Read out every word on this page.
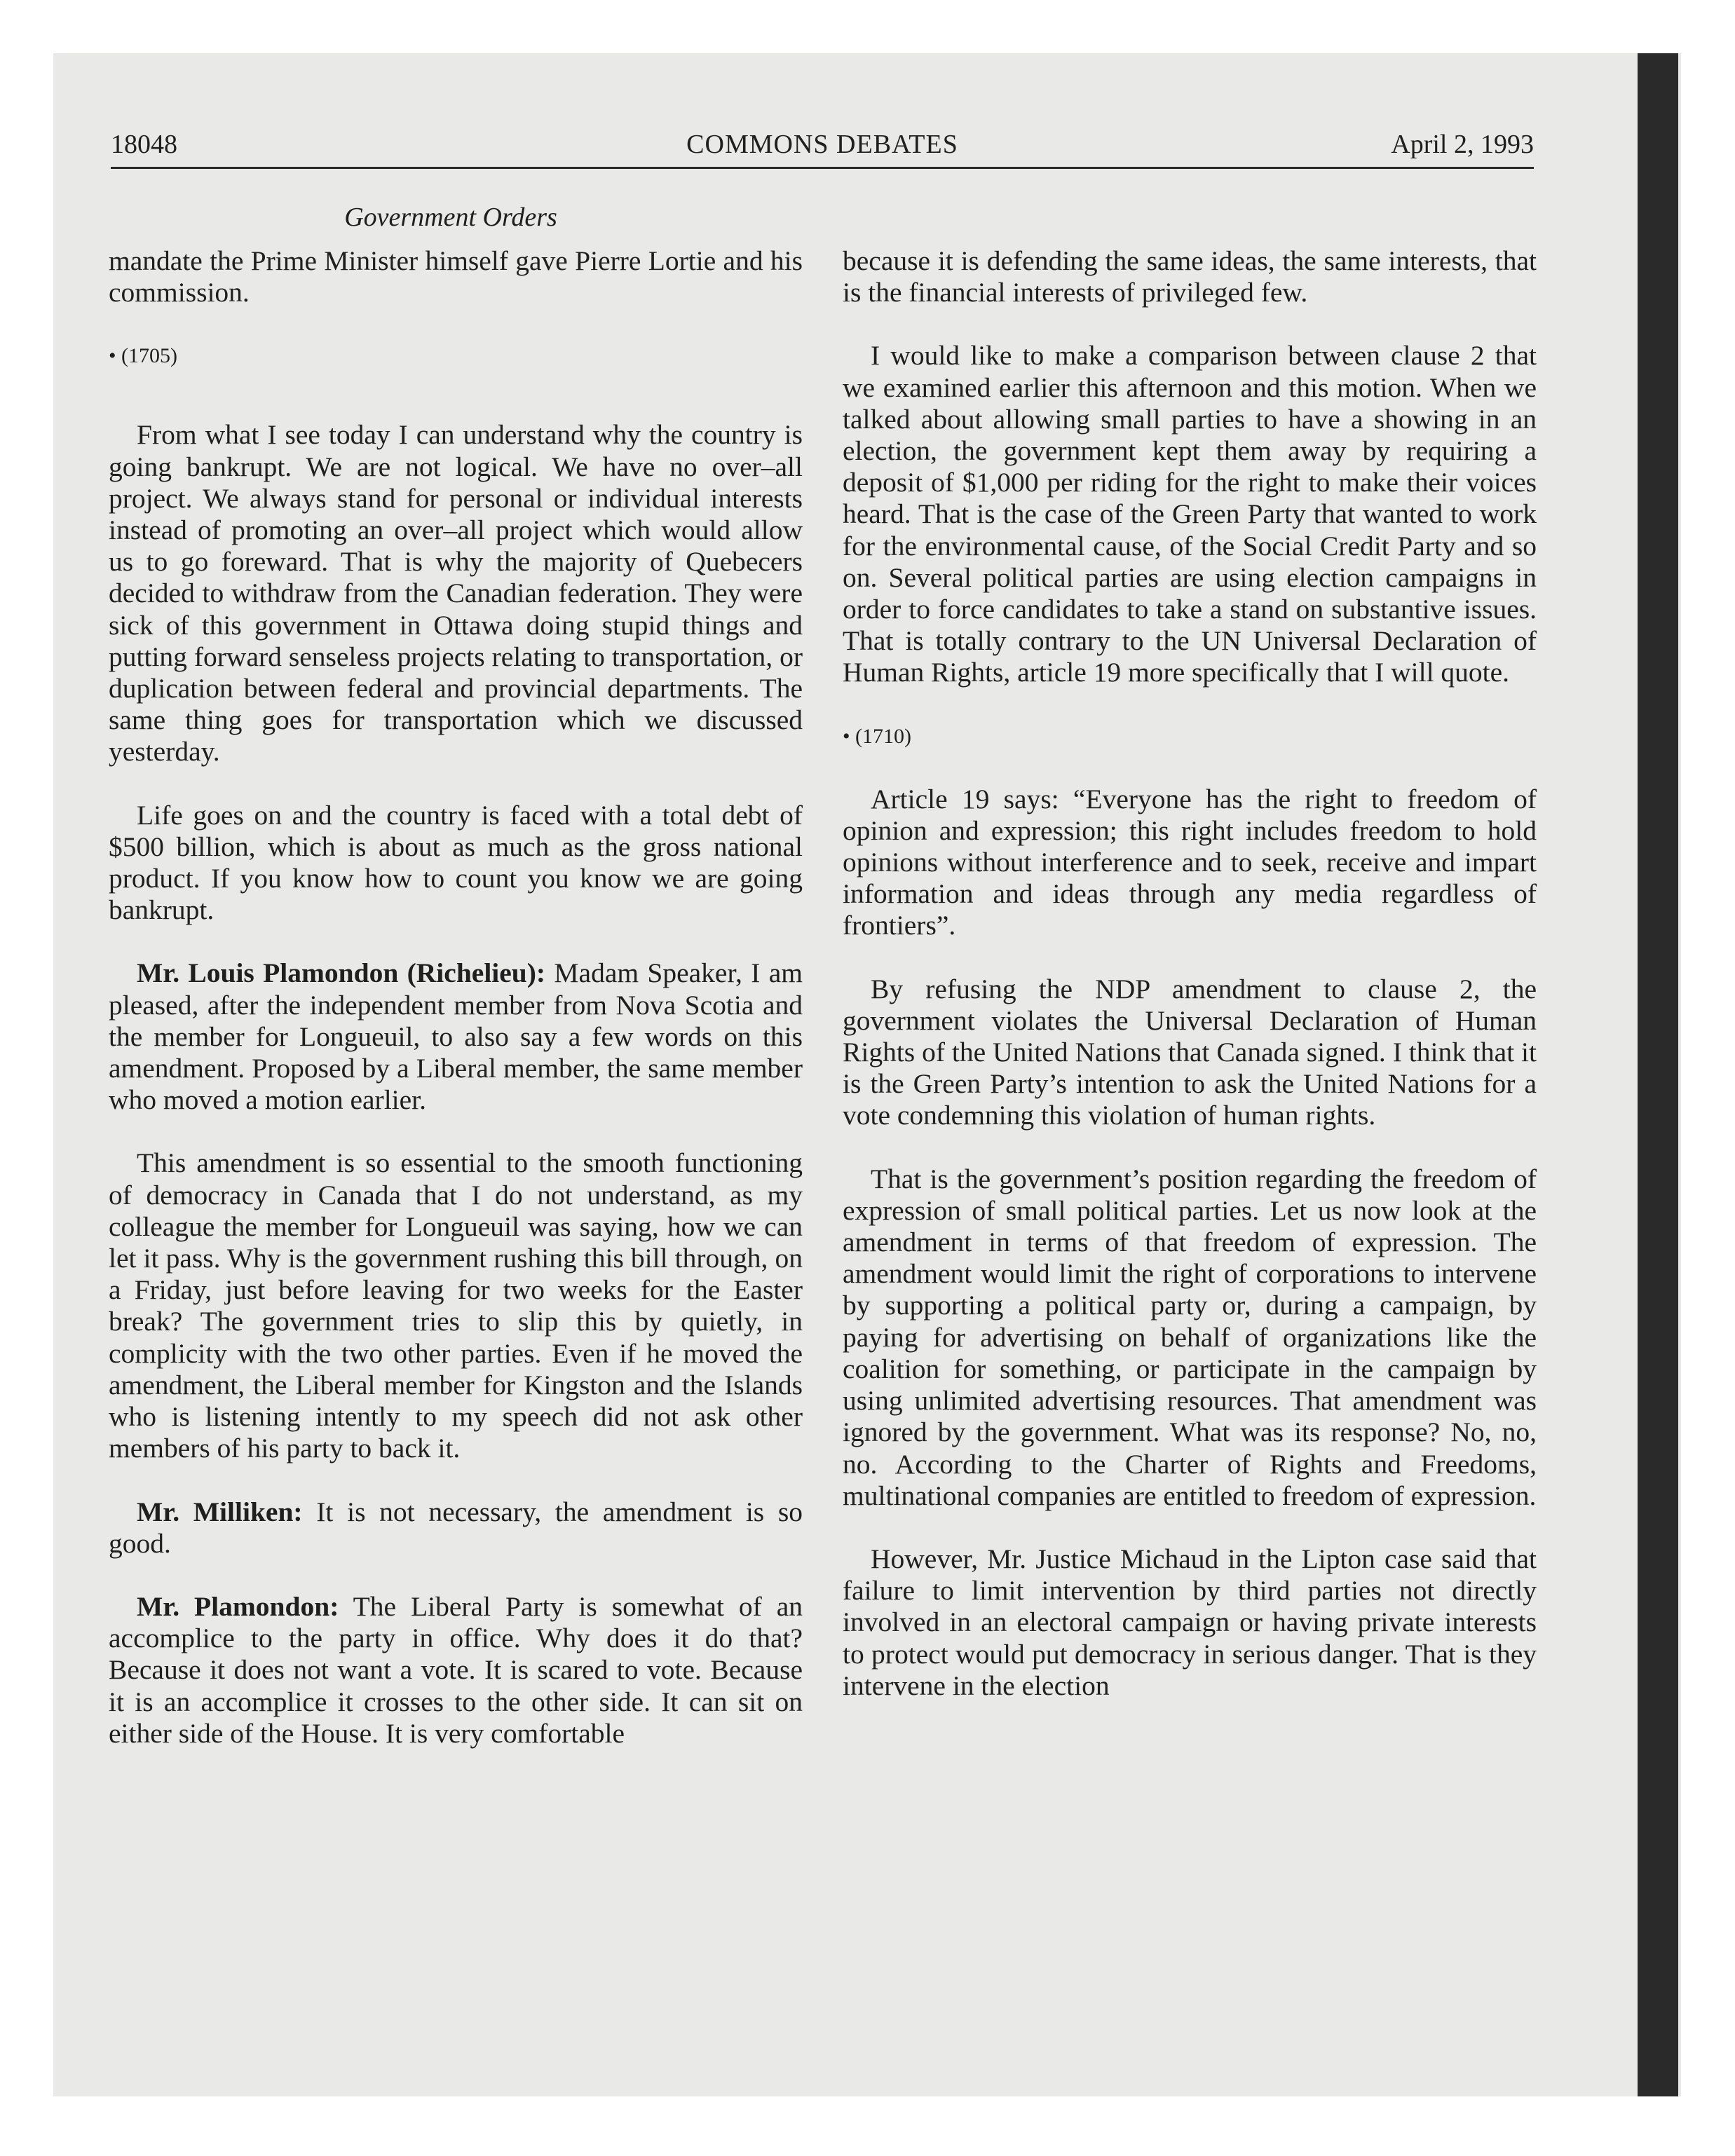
18048	COMMONS DEBATES	April 2, 1993
Government Orders

mandate the Prime Minister himself gave Pierre Lortie and his commission.

• (1705)

From what I see today I can understand why the country is going bankrupt. We are not logical. We have no over–all project. We always stand for personal or individual interests instead of promoting an over–all project which would allow us to go foreward. That is why the majority of Quebecers decided to withdraw from the Canadian federation. They were sick of this government in Ottawa doing stupid things and putting forward senseless projects relating to transportation, or duplication between federal and provincial departments. The same thing goes for transportation which we discussed yesterday.

Life goes on and the country is faced with a total debt of $500 billion, which is about as much as the gross national product. If you know how to count you know we are going bankrupt.

Mr. Louis Plamondon (Richelieu): Madam Speaker, I am pleased, after the independent member from Nova Scotia and the member for Longueuil, to also say a few words on this amendment. Proposed by a Liberal member, the same member who moved a motion earlier.

This amendment is so essential to the smooth functioning of democracy in Canada that I do not understand, as my colleague the member for Longueuil was saying, how we can let it pass. Why is the government rushing this bill through, on a Friday, just before leaving for two weeks for the Easter break? The government tries to slip this by quietly, in complicity with the two other parties. Even if he moved the amendment, the Liberal member for Kingston and the Islands who is listening intently to my speech did not ask other members of his party to back it.

Mr. Milliken: It is not necessary, the amendment is so good.

Mr. Plamondon: The Liberal Party is somewhat of an accomplice to the party in office. Why does it do that? Because it does not want a vote. It is scared to vote. Because it is an accomplice it crosses to the other side. It can sit on either side of the House. It is very comfortable

because it is defending the same ideas, the same interests, that is the financial interests of privileged few.

I would like to make a comparison between clause 2 that we examined earlier this afternoon and this motion. When we talked about allowing small parties to have a showing in an election, the government kept them away by requiring a deposit of $1,000 per riding for the right to make their voices heard. That is the case of the Green Party that wanted to work for the environmental cause, of the Social Credit Party and so on. Several political parties are using election campaigns in order to force candidates to take a stand on substantive issues. That is totally contrary to the UN Universal Declaration of Human Rights, article 19 more specifically that I will quote.

• (1710)

Article 19 says: “Everyone has the right to freedom of opinion and expression; this right includes freedom to hold opinions without interference and to seek, receive and impart information and ideas through any media regardless of frontiers”.

By refusing the NDP amendment to clause 2, the government violates the Universal Declaration of Human Rights of the United Nations that Canada signed. I think that it is the Green Party’s intention to ask the United Nations for a vote condemning this violation of human rights.

That is the government’s position regarding the freedom of expression of small political parties. Let us now look at the amendment in terms of that freedom of expression. The amendment would limit the right of corporations to intervene by supporting a political party or, during a campaign, by paying for advertising on behalf of organizations like the coalition for something, or participate in the campaign by using unlimited advertising resources. That amendment was ignored by the government. What was its response? No, no, no. According to the Charter of Rights and Freedoms, multinational companies are entitled to freedom of expression.

However, Mr. Justice Michaud in the Lipton case said that failure to limit intervention by third parties not directly involved in an electoral campaign or having private interests to protect would put democracy in serious danger. That is they intervene in the election
